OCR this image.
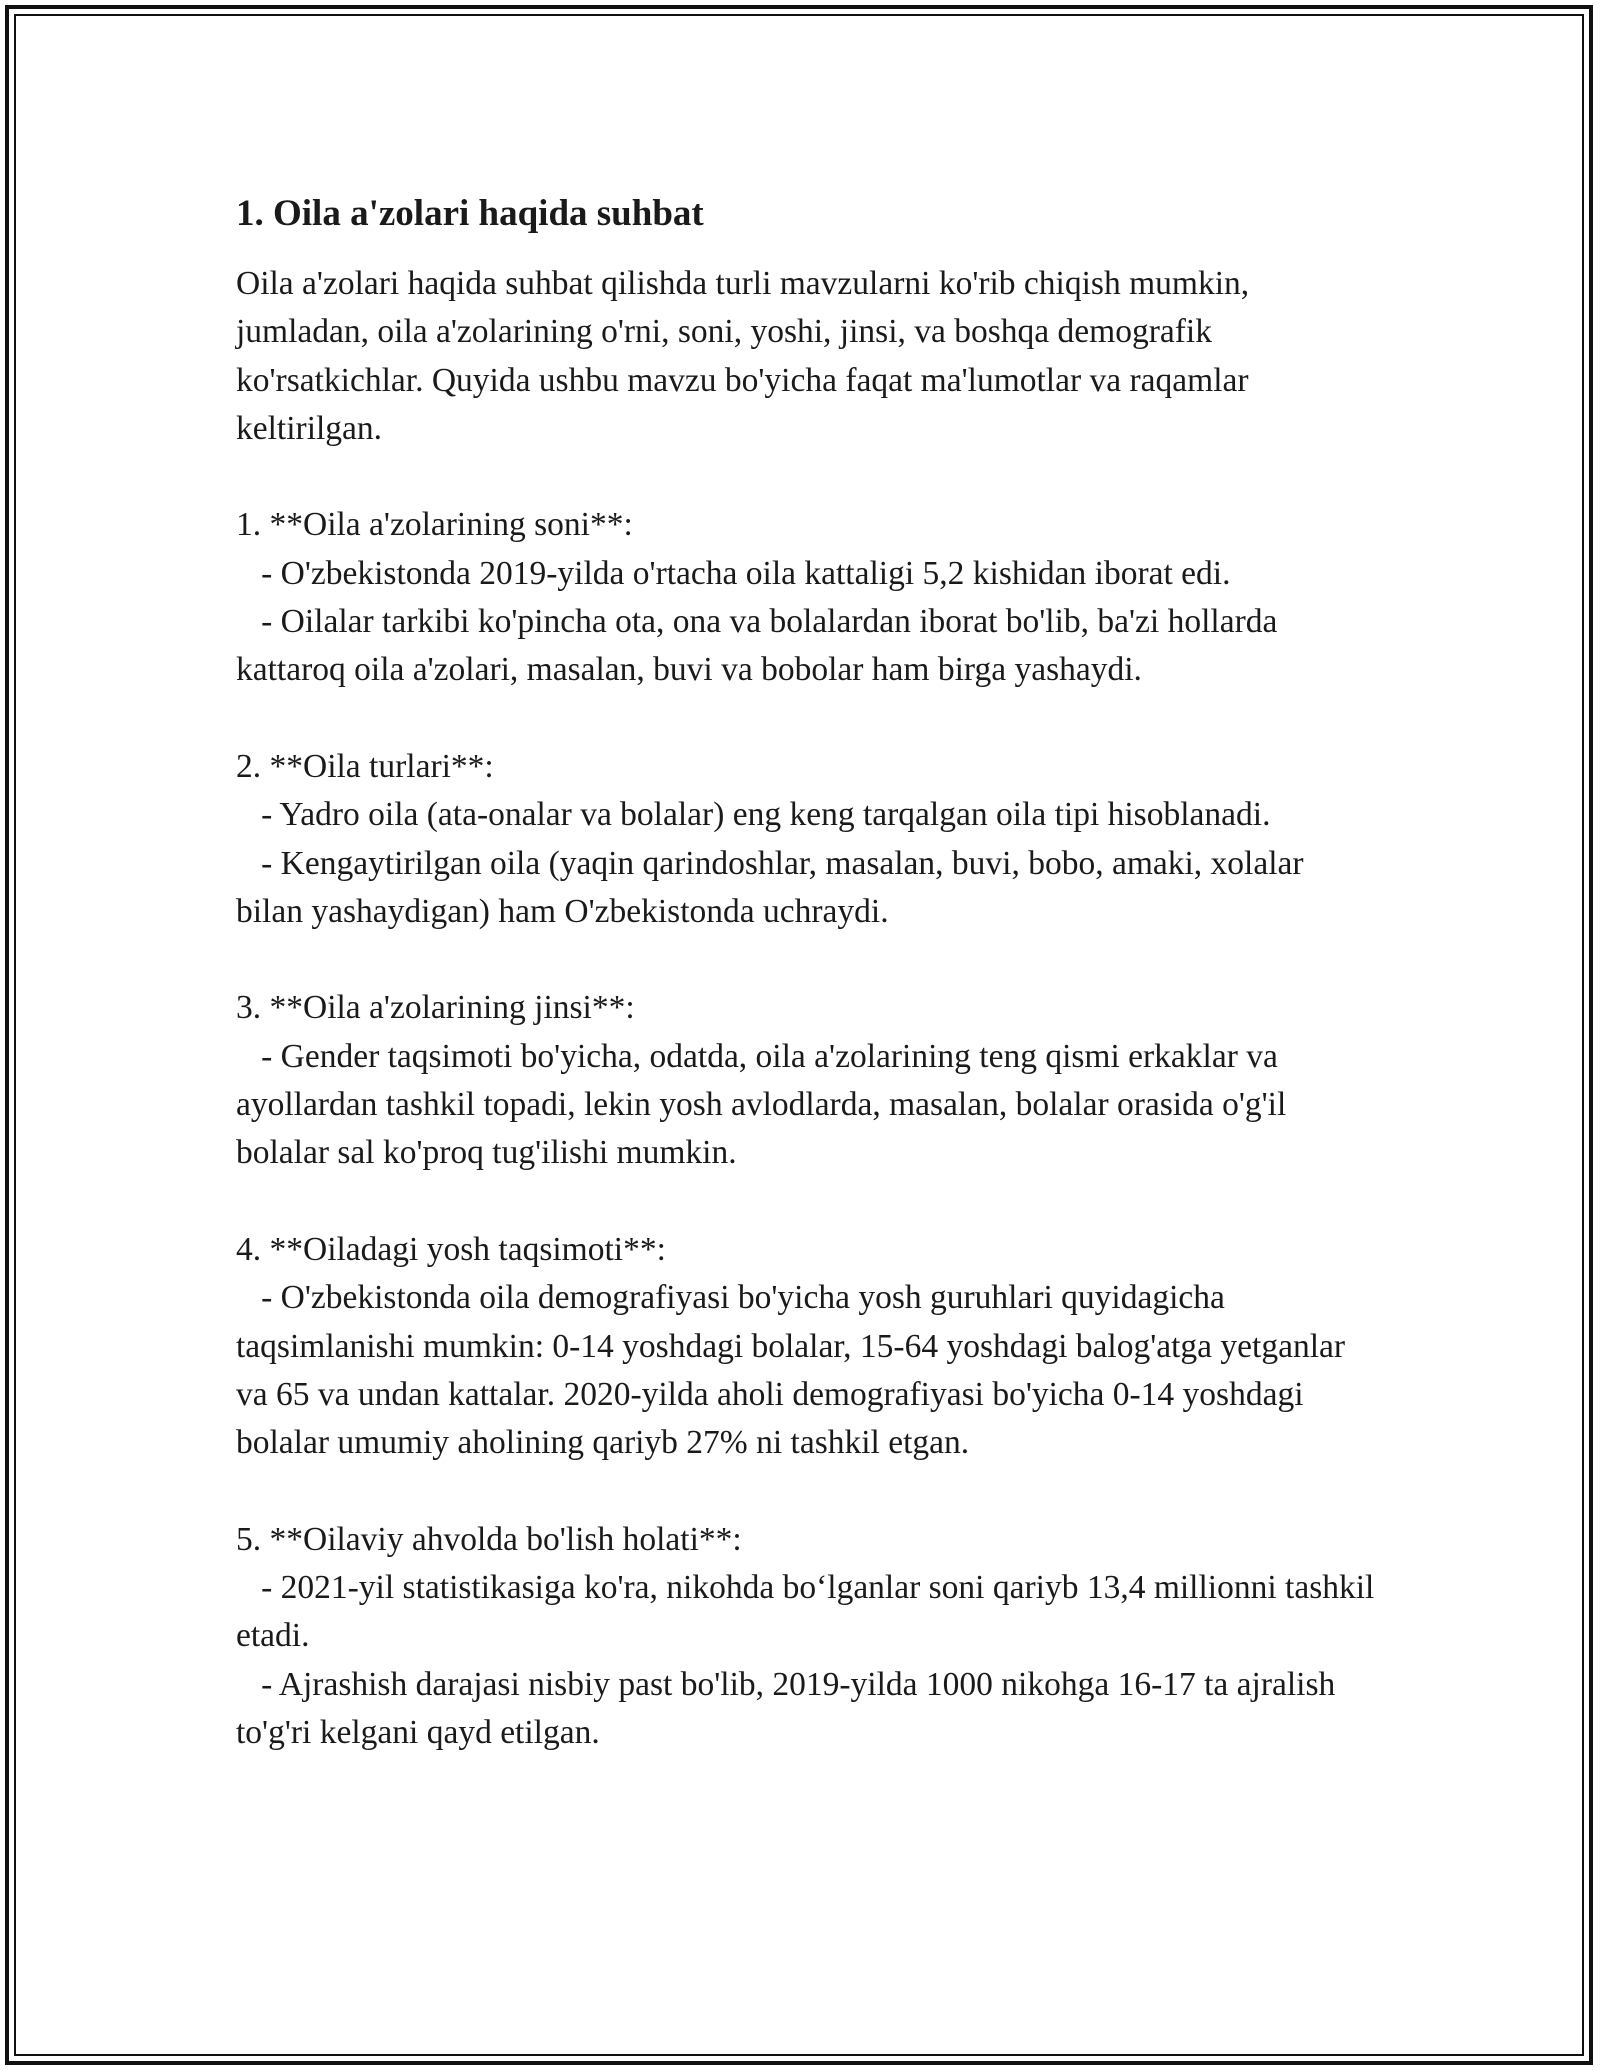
1. Oila a'zolari haqida suhbat

Oila a'zolari haqida suhbat qilishda turli mavzularni ko'rib chiqish mumkin, jumladan, oila a'zolarining o'rni, soni, yoshi, jinsi, va boshqa demografik ko'rsatkichlar. Quyida ushbu mavzu bo'yicha faqat ma'lumotlar va raqamlar keltirilgan.

1. **Oila a'zolarining soni**:

- O'zbekistonda 2019-yilda o'rtacha oila kattaligi 5,2 kishidan iborat edi.

- Oilalar tarkibi ko'pincha ota, ona va bolalardan iborat bo'lib, ba'zi hollarda kattaroq oila a'zolari, masalan, buvi va bobolar ham birga yashaydi.

2. **Oila turlari**:

- Yadro oila (ata-onalar va bolalar) eng keng tarqalgan oila tipi hisoblanadi.

- Kengaytirilgan oila (yaqin qarindoshlar, masalan, buvi, bobo, amaki, xolalar bilan yashaydigan) ham O'zbekistonda uchraydi.

3. **Oila a'zolarining jinsi**:

- Gender taqsimoti bo'yicha, odatda, oila a'zolarining teng qismi erkaklar va ayollardan tashkil topadi, lekin yosh avlodlarda, masalan, bolalar orasida o'g'il bolalar sal ko'proq tug'ilishi mumkin.

4. **Oiladagi yosh taqsimoti**:

- O'zbekistonda oila demografiyasi bo'yicha yosh guruhlari quyidagicha taqsimlanishi mumkin: 0-14 yoshdagi bolalar, 15-64 yoshdagi balog'atga yetganlar va 65 va undan kattalar. 2020-yilda aholi demografiyasi bo'yicha 0-14 yoshdagi bolalar umumiy aholining qariyb 27% ni tashkil etgan.

5. **Oilaviy ahvolda bo'lish holati**:

- 2021-yil statistikasiga ko'ra, nikohda bo‘lganlar soni qariyb 13,4 millionni tashkil etadi.

- Ajrashish darajasi nisbiy past bo'lib, 2019-yilda 1000 nikohga 16-17 ta ajralish to'g'ri kelgani qayd etilgan.
